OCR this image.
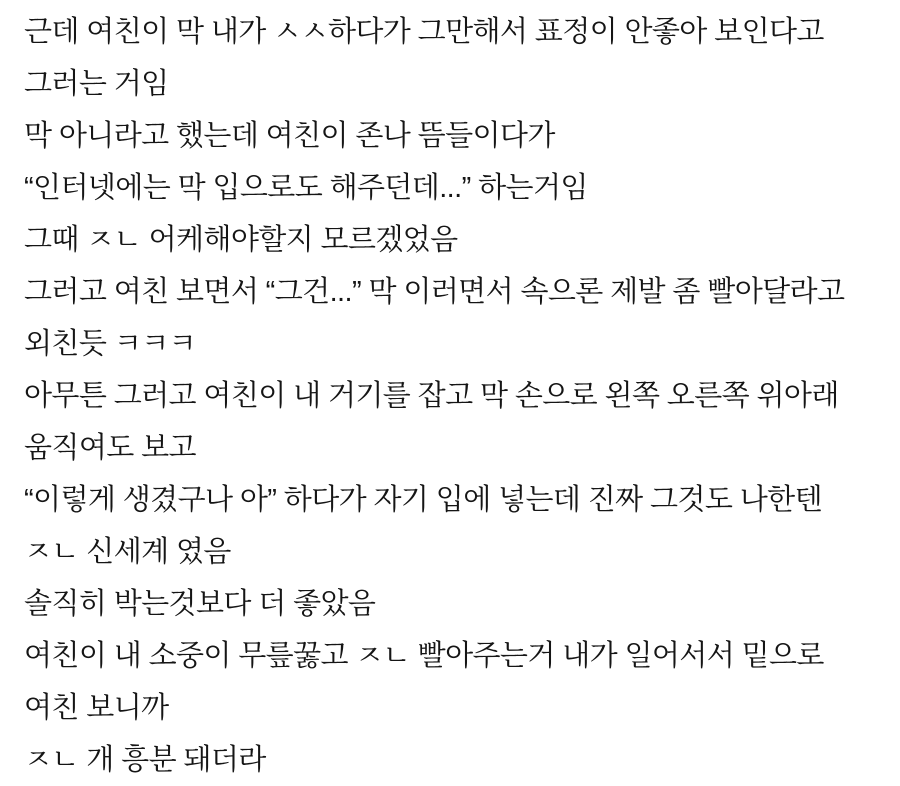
근데 여친이 막 내가 ㅅㅅ하다가 그만해서 표정이 안좋아 보인다고
그러는 거임
막 아니라고 했는데 여친이 존나 뜸들이다가
“인터넷에는 막 입으로도 해주던데...” 하는거임
그때 ㅈㄴ 어케해야할지 모르겠었음
그러고 여친 보면서 “그건...” 막 이러면서 속으론 제발 좀 빨아달라고
외친듯 ㅋㅋㅋ
아무튼 그러고 여친이 내 거기를 잡고 막 손으로 왼쪽 오른쪽 위아래
움직여도 보고
“이렇게 생겼구나 아” 하다가 자기 입에 넣는데 진짜 그것도 나한텐
ㅈㄴ 신세계 였음
솔직히 박는것보다 더 좋았음
여친이 내 소중이 무릎꿇고 ㅈㄴ 빨아주는거 내가 일어서서 밑으로
여친 보니까
ㅈㄴ 개 흥분 돼더라
